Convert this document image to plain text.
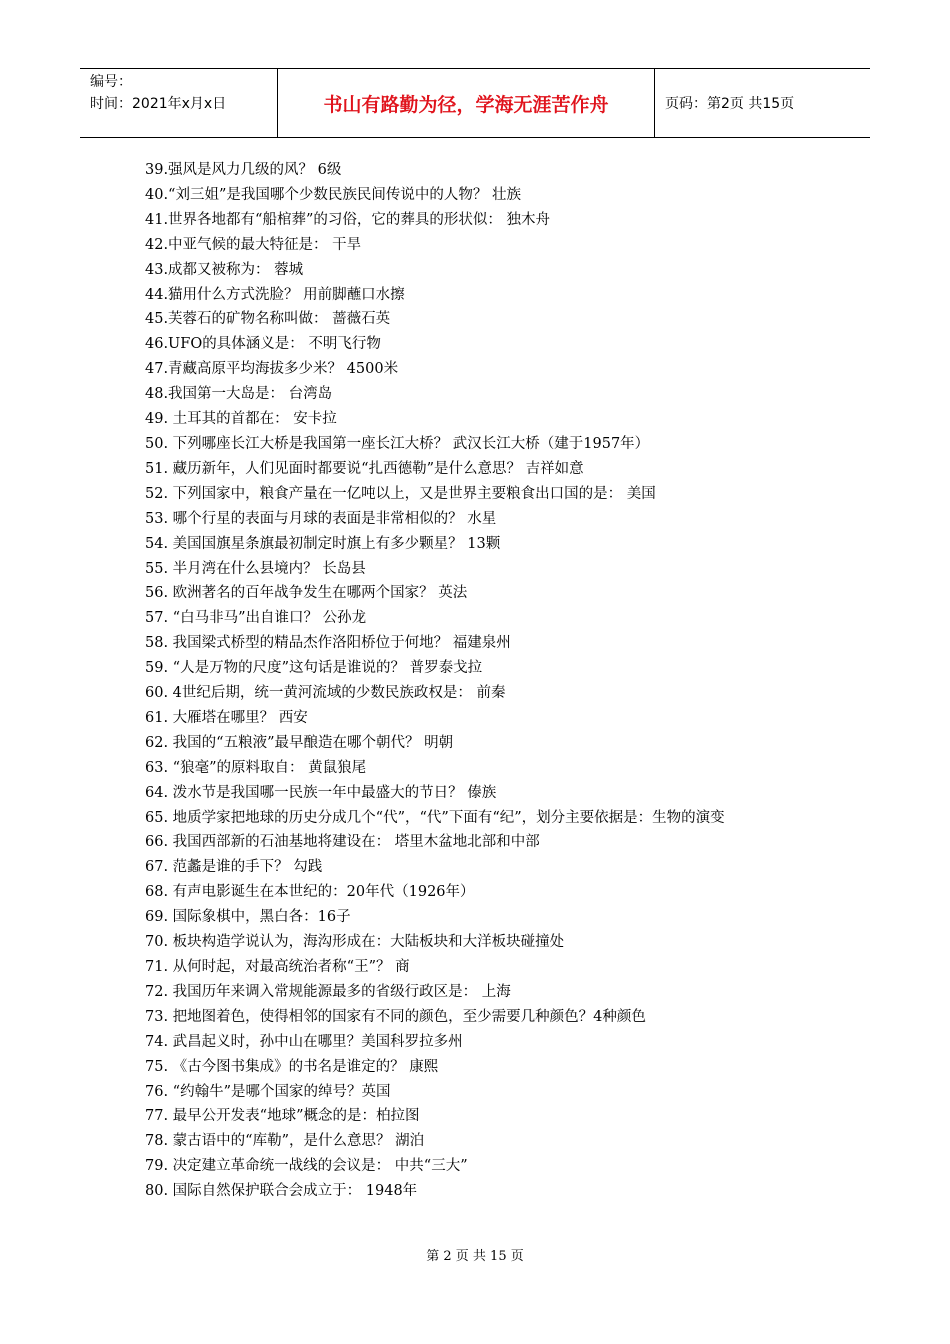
编号：
时间：2021年x月x日	书山有路勤为径，学海无涯苦作舟	页码：第2页 共15页
39.强风是风力几级的风？ 6级
40.“刘三姐”是我国哪个少数民族民间传说中的人物？ 壮族
41.世界各地都有“船棺葬”的习俗，它的葬具的形状似： 独木舟
42.中亚气候的最大特征是： 干旱
43.成都又被称为： 蓉城
44.猫用什么方式洗脸？ 用前脚蘸口水擦
45.芙蓉石的矿物名称叫做： 蔷薇石英
46.UFO的具体涵义是： 不明飞行物
47.青藏高原平均海拔多少米？ 4500米
48.我国第一大岛是： 台湾岛
49. 土耳其的首都在： 安卡拉
50. 下列哪座长江大桥是我国第一座长江大桥？ 武汉长江大桥（建于1957年）
51. 藏历新年，人们见面时都要说“扎西德勒”是什么意思？ 吉祥如意
52. 下列国家中，粮食产量在一亿吨以上，又是世界主要粮食出口国的是： 美国
53. 哪个行星的表面与月球的表面是非常相似的？ 水星
54. 美国国旗星条旗最初制定时旗上有多少颗星？ 13颗
55. 半月湾在什么县境内？ 长岛县
56. 欧洲著名的百年战争发生在哪两个国家？ 英法
57. “白马非马”出自谁口？ 公孙龙
58. 我国梁式桥型的精品杰作洛阳桥位于何地？ 福建泉州
59. “人是万物的尺度”这句话是谁说的？ 普罗泰戈拉
60. 4世纪后期，统一黄河流域的少数民族政权是： 前秦
61. 大雁塔在哪里？ 西安
62. 我国的“五粮液”最早酿造在哪个朝代？ 明朝
63. “狼毫”的原料取自： 黄鼠狼尾
64. 泼水节是我国哪一民族一年中最盛大的节日？ 傣族
65. 地质学家把地球的历史分成几个“代”，“代”下面有“纪”，划分主要依据是：生物的演变
66. 我国西部新的石油基地将建设在： 塔里木盆地北部和中部
67. 范蠡是谁的手下？ 勾践
68. 有声电影诞生在本世纪的：20年代（1926年）
69. 国际象棋中，黑白各：16子
70. 板块构造学说认为，海沟形成在：大陆板块和大洋板块碰撞处
71. 从何时起，对最高统治者称“王”？ 商
72. 我国历年来调入常规能源最多的省级行政区是： 上海
73. 把地图着色，使得相邻的国家有不同的颜色，至少需要几种颜色？4种颜色
74. 武昌起义时，孙中山在哪里？美国科罗拉多州
75. 《古今图书集成》的书名是谁定的？ 康熙
76. “约翰牛”是哪个国家的绰号？英国
77. 最早公开发表“地球”概念的是：柏拉图
78. 蒙古语中的“库勒”，是什么意思？ 湖泊
79. 决定建立革命统一战线的会议是： 中共“三大”
80. 国际自然保护联合会成立于： 1948年
第 2 页 共 15 页
